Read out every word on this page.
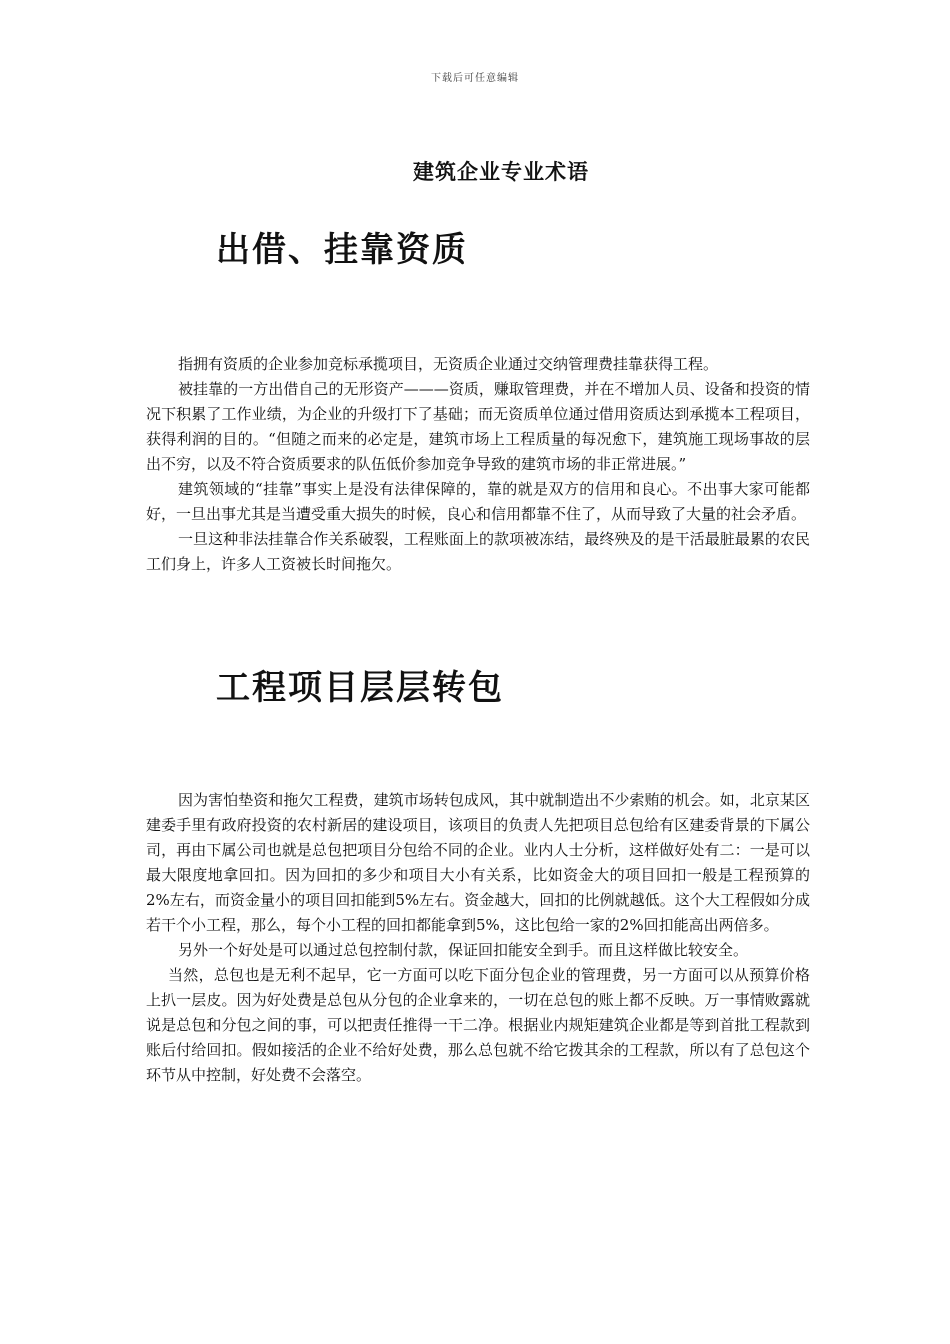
下载后可任意编辑
建筑企业专业术语
出借、挂靠资质

指拥有资质的企业参加竞标承揽项目，无资质企业通过交纳管理费挂靠获得工程。

被挂靠的一方出借自己的无形资产———资质，赚取管理费，并在不增加人员、设备和投资的情况下积累了工作业绩，为企业的升级打下了基础；而无资质单位通过借用资质达到承揽本工程项目，获得利润的目的。“但随之而来的必定是，建筑市场上工程质量的每况愈下，建筑施工现场事故的层出不穷，以及不符合资质要求的队伍低价参加竞争导致的建筑市场的非正常进展。”

建筑领域的“挂靠”事实上是没有法律保障的，靠的就是双方的信用和良心。不出事大家可能都好，一旦出事尤其是当遭受重大损失的时候，良心和信用都靠不住了，从而导致了大量的社会矛盾。

一旦这种非法挂靠合作关系破裂，工程账面上的款项被冻结，最终殃及的是干活最脏最累的农民工们身上，许多人工资被长时间拖欠。

工程项目层层转包

因为害怕垫资和拖欠工程费，建筑市场转包成风，其中就制造出不少索贿的机会。如，北京某区建委手里有政府投资的农村新居的建设项目，该项目的负责人先把项目总包给有区建委背景的下属公司，再由下属公司也就是总包把项目分包给不同的企业。业内人士分析，这样做好处有二：一是可以最大限度地拿回扣。因为回扣的多少和项目大小有关系，比如资金大的项目回扣一般是工程预算的2%左右，而资金量小的项目回扣能到5%左右。资金越大，回扣的比例就越低。这个大工程假如分成若干个小工程，那么，每个小工程的回扣都能拿到5%，这比包给一家的2%回扣能高出两倍多。

另外一个好处是可以通过总包控制付款，保证回扣能安全到手。而且这样做比较安全。

当然，总包也是无利不起早，它一方面可以吃下面分包企业的管理费，另一方面可以从预算价格上扒一层皮。因为好处费是总包从分包的企业拿来的，一切在总包的账上都不反映。万一事情败露就说是总包和分包之间的事，可以把责任推得一干二净。根据业内规矩建筑企业都是等到首批工程款到账后付给回扣。假如接活的企业不给好处费，那么总包就不给它拨其余的工程款，所以有了总包这个环节从中控制，好处费不会落空。
